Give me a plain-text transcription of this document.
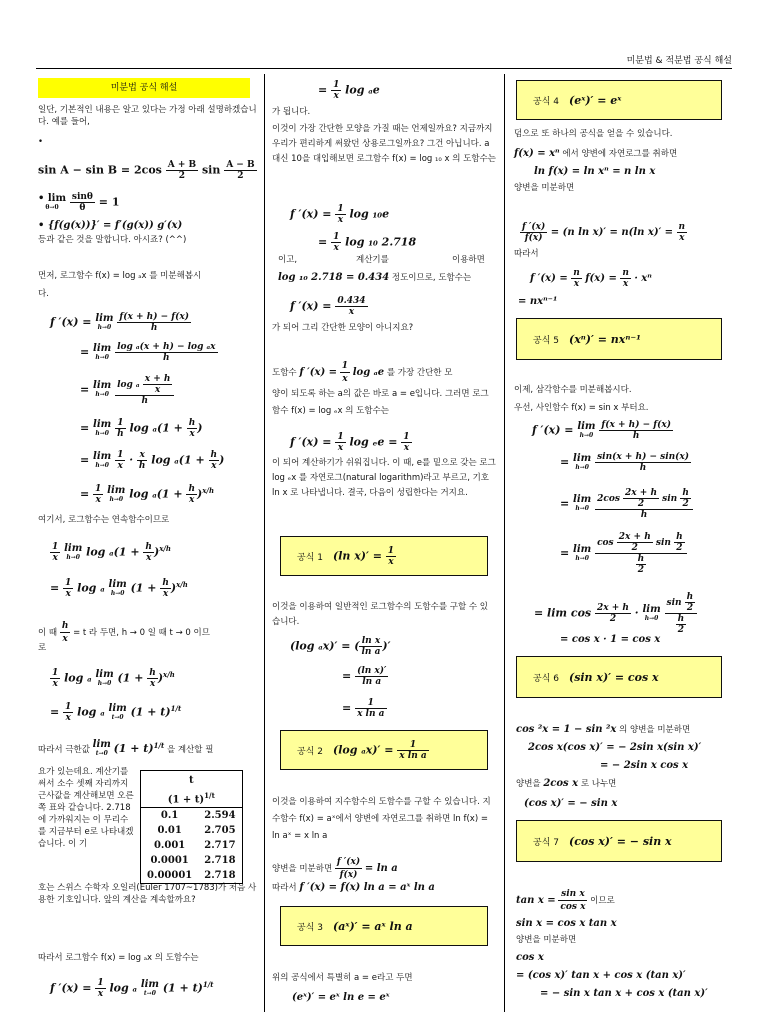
미분법 & 적분법 공식 해설
미분법 공식 해설
일단, 기본적인 내용은 알고 있다는 가정 아래 설명하겠습니다. 예를 들어,
•
$\sin A - \sin B = 2\cos \frac{A + B}{2}$ $\sin \frac{A - B}{2}$
• lim
θ→0
	$\frac{\sin\theta}{\theta} = 1$
• {f(g(x))}′ = f′(g(x)) g′(x)
등과 같은 것을 말합니다. 아시죠? (^^)
먼저, 로그함수 f(x) = log ₐx 를 미분해봅시
다.
f ′(x) = lim
h→0
$\frac{f(x + h) - f(x)}{h}$
= lim
h→0
$\frac{\text{log ₐ(x + h) − log ₐx}}{h}$
= lim
h→0
$\frac{\log _a \frac{x + h}{x}}{h}$
= lim
h→0
$\frac{1}{h}$ $\log _a(1 + \frac{h}{x}$ )
= lim
h→0
$\frac{1}{x} \cdot \frac{x}{h}$ $\log _a(1 + \frac{h}{x}$ )
= $\frac{1}{x}$
lim
h→0 $\log _a(1 + \frac{h}{x} )^{x/h}$
여기서, 로그함수는 연속함수이므로
$\frac{1}{x}$
lim
h→0 $\log _a(1 + \frac{h}{x} )^{x/h}$
= $\frac{1}{x}$ log ₐ lim
h→0 $(1 + \frac{h}{x} )^{x/h}$
이 때 $\frac{h}{x} = t$ 라 두면, h → 0 일 때 t → 0 이므
로
$\frac{1}{x}$ log ₐ lim
h→0 $(1 + \frac{h}{x} )^{x/h}$
= $\frac{1}{x}$ log ₐ lim
t→0 $(1 + t)^{1/t}$
따라서 극한값 lim
t→0 $(1 + t)^{1/t}$ 을 계산할 필
요가 있는데요. 계산기를 써서 소수 셋째 자리까지 근사값을 계산해보면 오른쪽 표와 같습니다. 2.718에 가까워지는 이 무리수를 지금부터 e로 나타내겠습니다. 이 기
호는 스위스 수학자 오일러(Euler 1707~1783)가 처음 사용한 기호입니다. 앞의 계산을 계속할까요?
t	
$(1 + t)^{1/t}$
0.1	2.594
0.01	2.705
0.001	2.717
0.0001	2.718
0.00001	2.718
따라서 로그함수 f(x) = log ₐx 의 도함수는
f $'(x) = \frac{1}{x}$ log ₐ lim
t→0 $(1 + t)^{1/t}$
= $\frac{1}{x}$ log ₐe
가 됩니다.
이것이 가장 간단한 모양을 가질 때는 언제일까요? 지금까지 우리가 편리하게 써왔던 상용로그일까요? 그건 아닙니다. a 대신 10을 대입해보면 로그함수 f(x) = log ₁₀ x 의 도함수는
f $'(x) = \frac{1}{x}$ log ₁₀e
= $\frac{1}{x}$ log ₁₀ 2.718
이고,	계산기를	이용하면
log ₁₀ 2.718 = 0.434 정도이므로, 도함수는
f $'(x) = \frac{0.434}{x}$
가 되어 그리 간단한 모양이 아니지요?
도함수 f $'(x) = \frac{1}{x}$ log ₐe 를 가장 간단한 모
양이 되도록 하는 a의 값은 바로 a = e입니다. 그러면 로그함수 f(x) = log ₑx 의 도함수는
f $'(x) = \frac{1}{x}$ $\log _ee = \frac{1}{x}$
이 되어 계산하기가 쉬워집니다. 이 때, e를 밑으로 갖는 로그 log ₑx 를 자연로그(natural logarithm)라고 부르고, 기호 ln x 로 나타냅니다. 결국, 다음이 성립한다는 거지요.
공식 1 (ln $x)' = \frac{1}{x}$
이것을 이용하여 일반적인 로그함수의 도함수를 구할 수 있습니다.
(log ₐx)′ = ( $\frac{\text{ln x}}{\text{ln a}}$ )′
= $\frac{\text{(ln x)′}}{\text{ln a}}$
= $\frac{1}{\text{x ln a}}$
공식 2 (log $_ax)' = \frac{1}{\text{x ln a}}$
이것을 이용하여 지수함수의 도함수를 구할 수 있습니다. 지수함수 f(x) = aˣ에서 양변에 자연로그를 취하면 ln f(x) = ln aˣ = x ln a
양변을 미분하면 $\frac{f '(x)}{f(x)} = \ln a$
따라서 f ′(x) = f(x) ln a = aˣ ln a
공식 3 (aˣ)′ = aˣ ln a
위의 공식에서 특별히 a = e라고 두면
(eˣ)′ = eˣ ln e = eˣ
공식 4 (eˣ)′ = eˣ
덤으로 또 하나의 공식을 얻을 수 있습니다.
f(x) = xⁿ 에서 양변에 자연로그를 취하면
ln f(x) = ln xⁿ = n ln x
양변을 미분하면
$\frac{f '(x)}{f(x)} = (n$ ln x)′ = n(ln $x)' = \frac{n}{x}$
따라서
f $'(x) = \frac{n}{x} f(x) = \frac{n}{x} \cdot x^n$
= nxⁿ⁻¹
공식 5 (xⁿ)′ = nxⁿ⁻¹
이제, 삼각함수를 미분해봅시다.
우선, 사인함수 f(x) = sin x 부터요.
f ′(x) = lim
h→0
$\frac{f(x + h) - f(x)}{h}$
= lim
h→0
$\frac{\sin(x + h) - \sin(x)}{h}$
= lim
h→0
$\frac{2\cos \frac{2x + h}{2} \sin \frac{h}{2}}{h}$
= lim
h→0
$\frac{\cos \frac{2x + h}{2} \sin \frac{h}{2}}{\frac{h}{2}}$
= $\lim \cos \frac{2x + h}{2} \cdot \lim$
h→0
$\frac{\sin \frac{h}{2}}{\frac{h}{2}}$
= cos x · 1 = cos x
공식 6 (sin x)′ = cos x
cos ²x = 1 − sin ²x 의 양변을 미분하면
2cos x(cos x)′ = − 2sin x(sin x)′
= − 2sin x cos x
양변을 2cos x 로 나누면
(cos x)′ = − sin x
공식 7 (cos x)′ = − sin x
$\tan x = \frac{\text{sin x}}{\text{cos x}}$ 이므로
sin x = cos x tan x
양변을 미분하면
cos x
= (cos x)′ tan x + cos x (tan x)′
= − sin x tan x + cos x (tan x)′
